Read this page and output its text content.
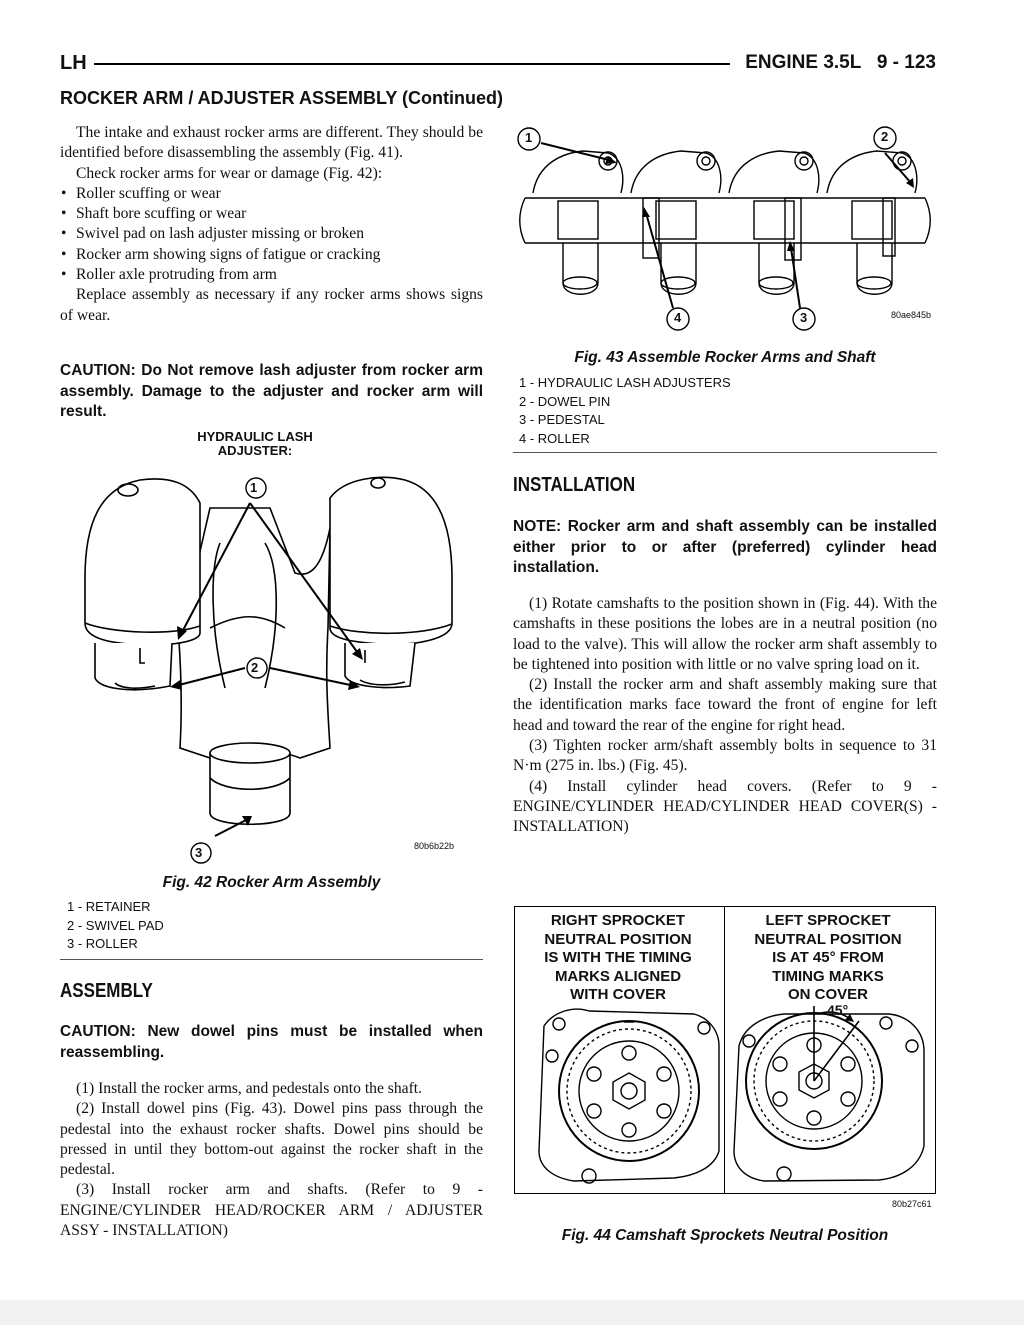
LH	ENGINE 3.5L   9 - 123
ROCKER ARM / ADJUSTER ASSEMBLY (Continued)

The intake and exhaust rocker arms are different. They should be identified before disassembling the assembly (Fig. 41).

Check rocker arms for wear or damage (Fig. 42):

• Roller scuffing or wear
• Shaft bore scuffing or wear
• Swivel pad on lash adjuster missing or broken
• Rocker arm showing signs of fatigue or cracking
• Roller axle protruding from arm

Replace assembly as necessary if any rocker arms shows signs of wear.

CAUTION: Do Not remove lash adjuster from rocker arm assembly. Damage to the adjuster and rocker arm will result.
HYDRAULIC LASH
ADJUSTER:
1
2
3	80b6b22b
Fig. 42 Rocker Arm Assembly
1 - RETAINER
2 - SWIVEL PAD
3 - ROLLER
ASSEMBLY
CAUTION: New dowel pins must be installed when reassembling.

(1) Install the rocker arms, and pedestals onto the shaft.

(2) Install dowel pins (Fig. 43). Dowel pins pass through the pedestal into the exhaust rocker shafts. Dowel pins should be pressed in until they bottom-out against the rocker shaft in the pedestal.

(3) Install rocker arm and shafts. (Refer to 9 - ENGINE/CYLINDER HEAD/ROCKER ARM / ADJUSTER ASSY - INSTALLATION)

1	2
3
4	80ae845b
Fig. 43 Assemble Rocker Arms and Shaft
1 - HYDRAULIC LASH ADJUSTERS
2 - DOWEL PIN
3 - PEDESTAL
4 - ROLLER
INSTALLATION
NOTE: Rocker arm and shaft assembly can be installed either prior to or after (preferred) cylinder head installation.

(1) Rotate camshafts to the position shown in (Fig. 44). With the camshafts in these positions the lobes are in a neutral position (no load to the valve). This will allow the rocker arm shaft assembly to be tightened into position with little or no valve spring load on it.

(2) Install the rocker arm and shaft assembly making sure that the identification marks face toward the front of engine for left head and toward the rear of the engine for right head.

(3) Tighten rocker arm/shaft assembly bolts in sequence to 31 N·m (275 in. lbs.) (Fig. 45).

(4) Install cylinder head covers. (Refer to 9 - ENGINE/CYLINDER HEAD/CYLINDER HEAD COVER(S) - INSTALLATION)

RIGHT SPROCKET
NEUTRAL POSITION
IS WITH THE TIMING
MARKS ALIGNED
WITH COVER
LEFT SPROCKET
NEUTRAL POSITION
IS AT 45° FROM
TIMING MARKS
ON COVER
45°
80b27c61
Fig. 44 Camshaft Sprockets Neutral Position
